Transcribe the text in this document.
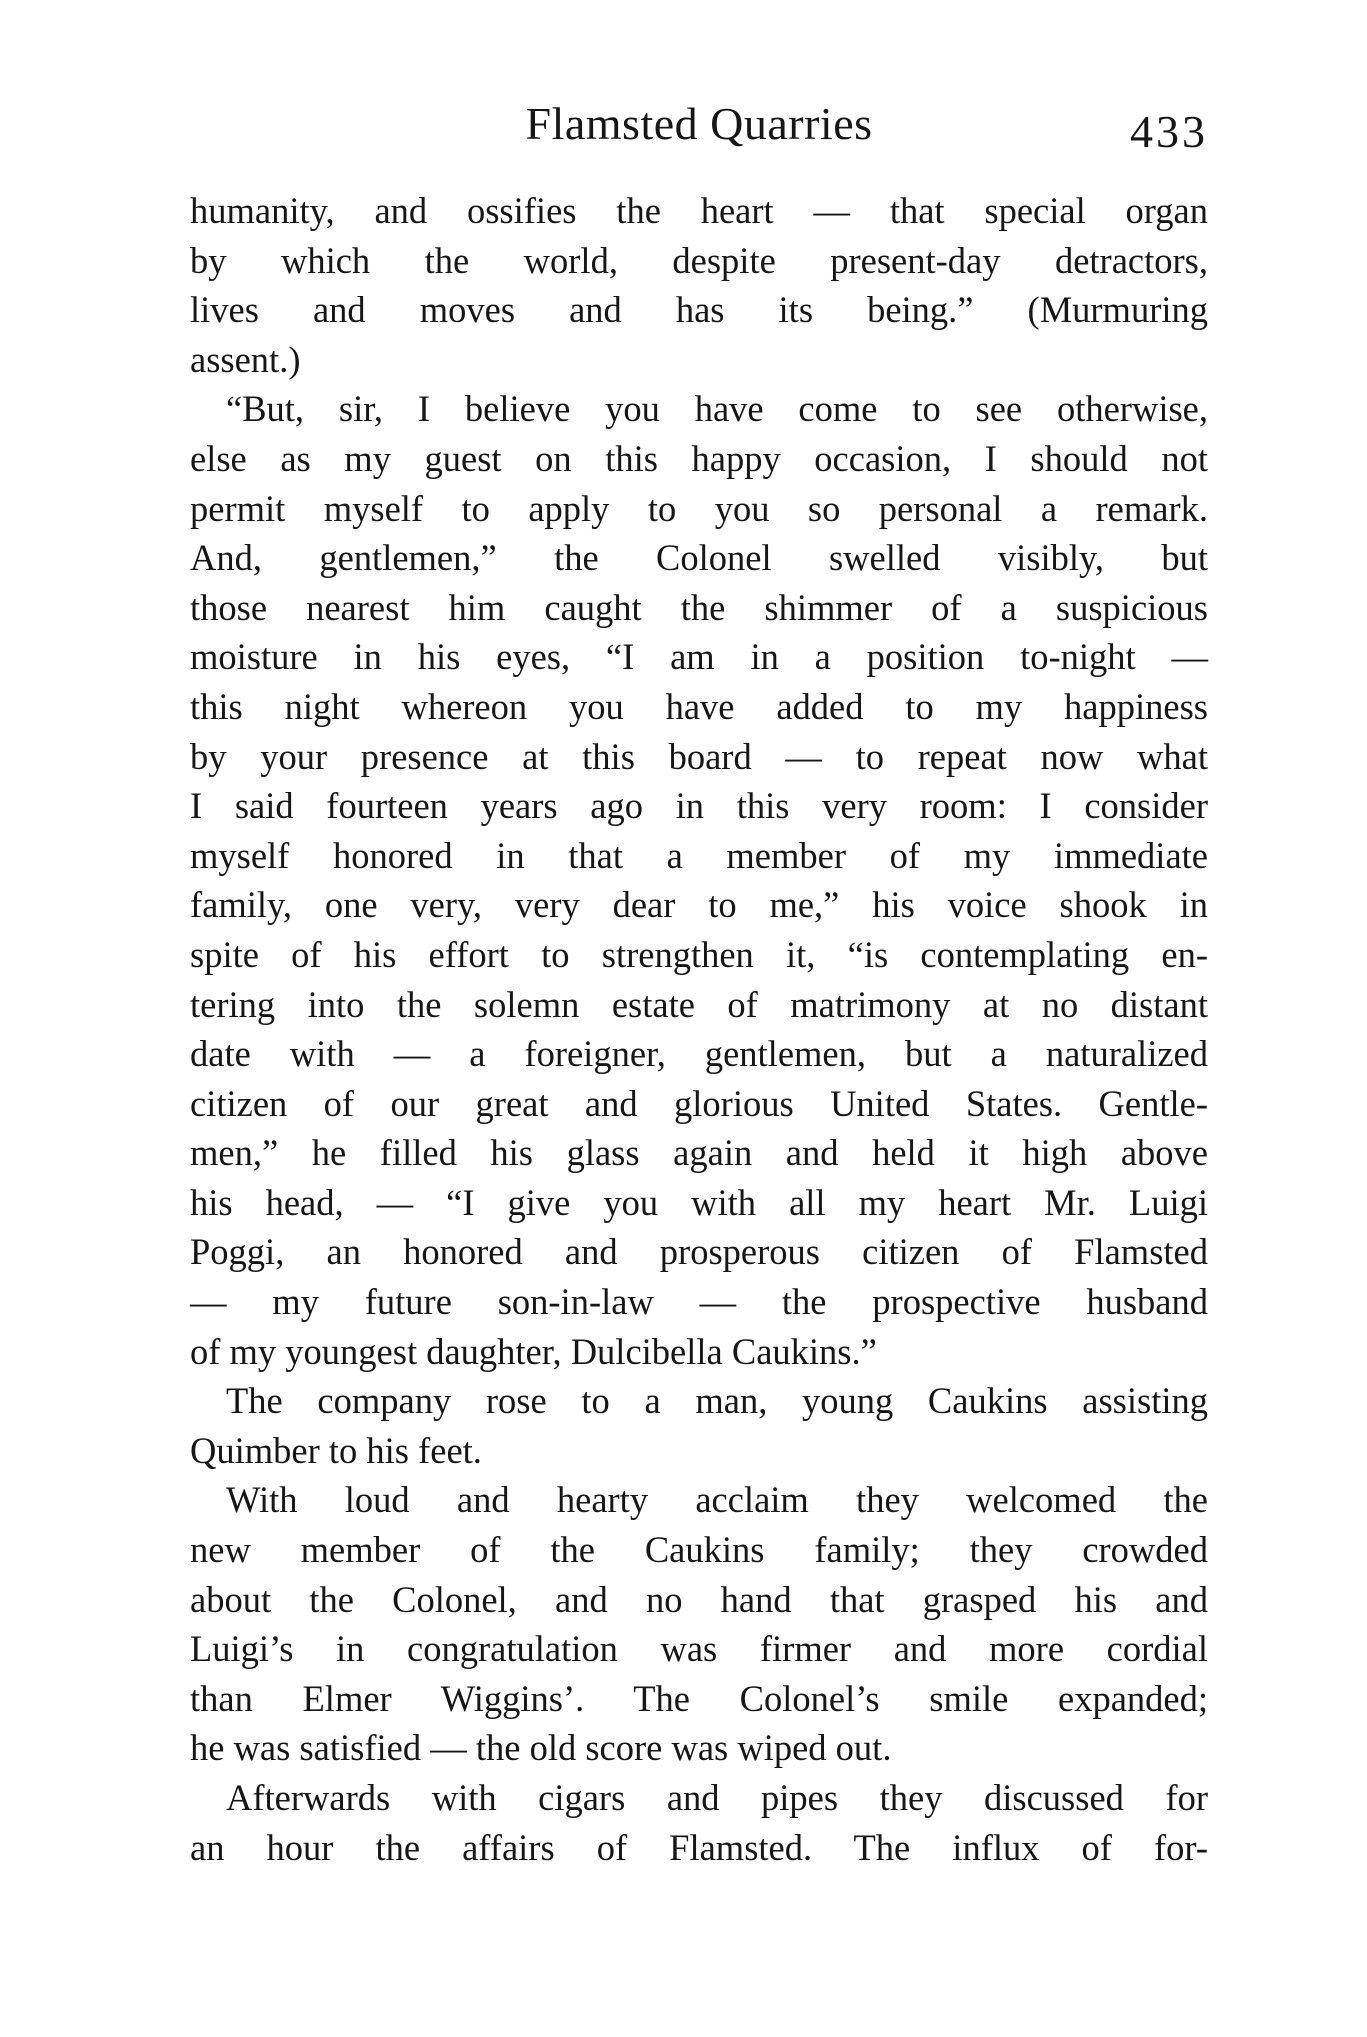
Flamsted Quarries	433

humanity, and ossifies the heart — that special organ

by which the world, despite present-day detractors,

lives and moves and has its being.” (Murmuring

assent.)

“But, sir, I believe you have come to see otherwise,

else as my guest on this happy occasion, I should not

permit myself to apply to you so personal a remark.

And, gentlemen,” the Colonel swelled visibly, but

those nearest him caught the shimmer of a suspicious

moisture in his eyes, “I am in a position to-night —

this night whereon you have added to my happiness

by your presence at this board — to repeat now what

I said fourteen years ago in this very room: I consider

myself honored in that a member of my immediate

family, one very, very dear to me,” his voice shook in

spite of his effort to strengthen it, “is contemplating en-

tering into the solemn estate of matrimony at no distant

date with — a foreigner, gentlemen, but a naturalized

citizen of our great and glorious United States. Gentle-

men,” he filled his glass again and held it high above

his head, — “I give you with all my heart Mr. Luigi

Poggi, an honored and prosperous citizen of Flamsted

— my future son-in-law — the prospective husband

of my youngest daughter, Dulcibella Caukins.”

The company rose to a man, young Caukins assisting

Quimber to his feet.

With loud and hearty acclaim they welcomed the

new member of the Caukins family; they crowded

about the Colonel, and no hand that grasped his and

Luigi’s in congratulation was firmer and more cordial

than Elmer Wiggins’. The Colonel’s smile expanded;

he was satisfied — the old score was wiped out.

Afterwards with cigars and pipes they discussed for

an hour the affairs of Flamsted. The influx of for-
